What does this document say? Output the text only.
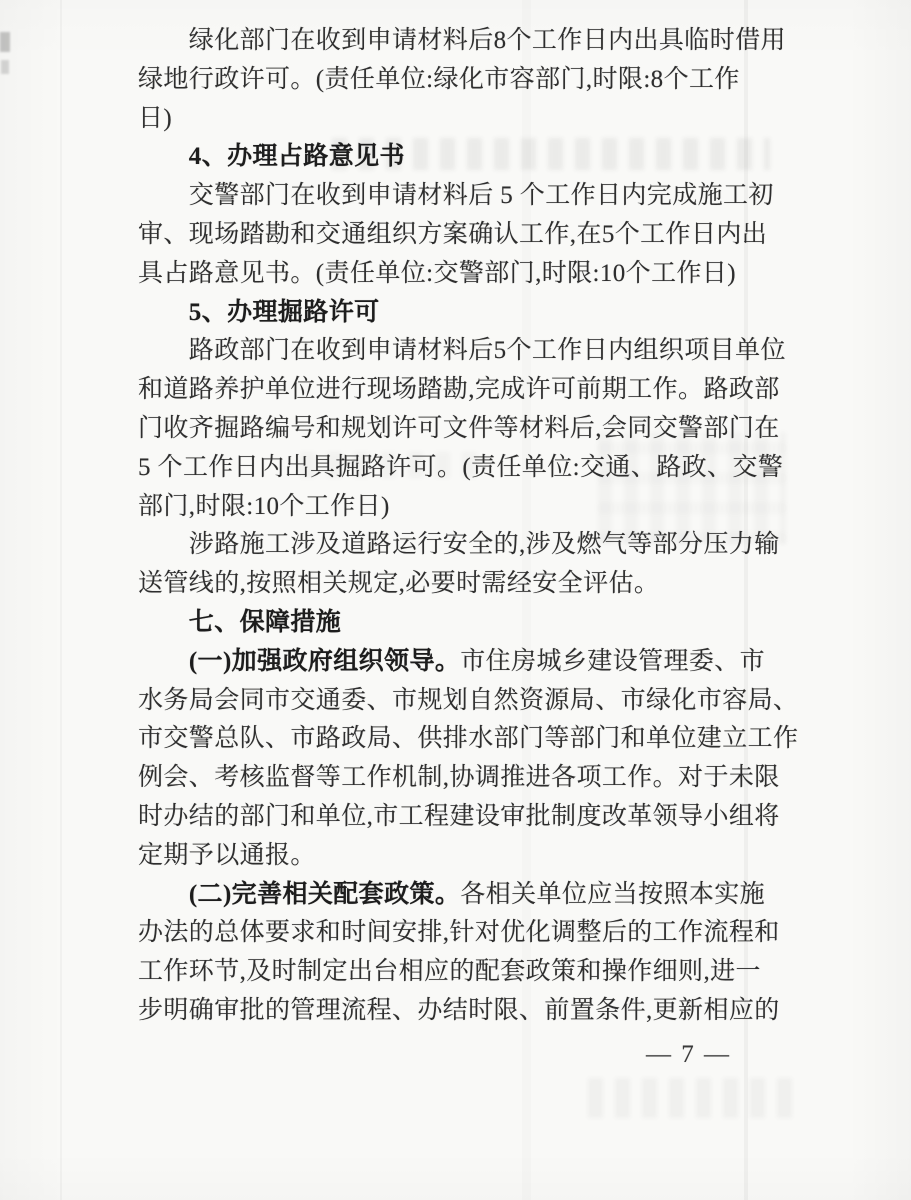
　　绿化部门在收到申请材料后8个工作日内出具临时借用
绿地行政许可。(责任单位:绿化市容部门,时限:8个工作
日)
　　4、办理占路意见书
　　交警部门在收到申请材料后 5 个工作日内完成施工初
审、现场踏勘和交通组织方案确认工作,在5个工作日内出
具占路意见书。(责任单位:交警部门,时限:10个工作日)
　　5、办理掘路许可
　　路政部门在收到申请材料后5个工作日内组织项目单位
和道路养护单位进行现场踏勘,完成许可前期工作。路政部
门收齐掘路编号和规划许可文件等材料后,会同交警部门在
5 个工作日内出具掘路许可。(责任单位:交通、路政、交警
部门,时限:10个工作日)
　　涉路施工涉及道路运行安全的,涉及燃气等部分压力输
送管线的,按照相关规定,必要时需经安全评估。
　　七、保障措施
　　(一)加强政府组织领导。市住房城乡建设管理委、市
水务局会同市交通委、市规划自然资源局、市绿化市容局、
市交警总队、市路政局、供排水部门等部门和单位建立工作
例会、考核监督等工作机制,协调推进各项工作。对于未限
时办结的部门和单位,市工程建设审批制度改革领导小组将
定期予以通报。
　　(二)完善相关配套政策。各相关单位应当按照本实施
办法的总体要求和时间安排,针对优化调整后的工作流程和
工作环节,及时制定出台相应的配套政策和操作细则,进一
步明确审批的管理流程、办结时限、前置条件,更新相应的
— 7 —
